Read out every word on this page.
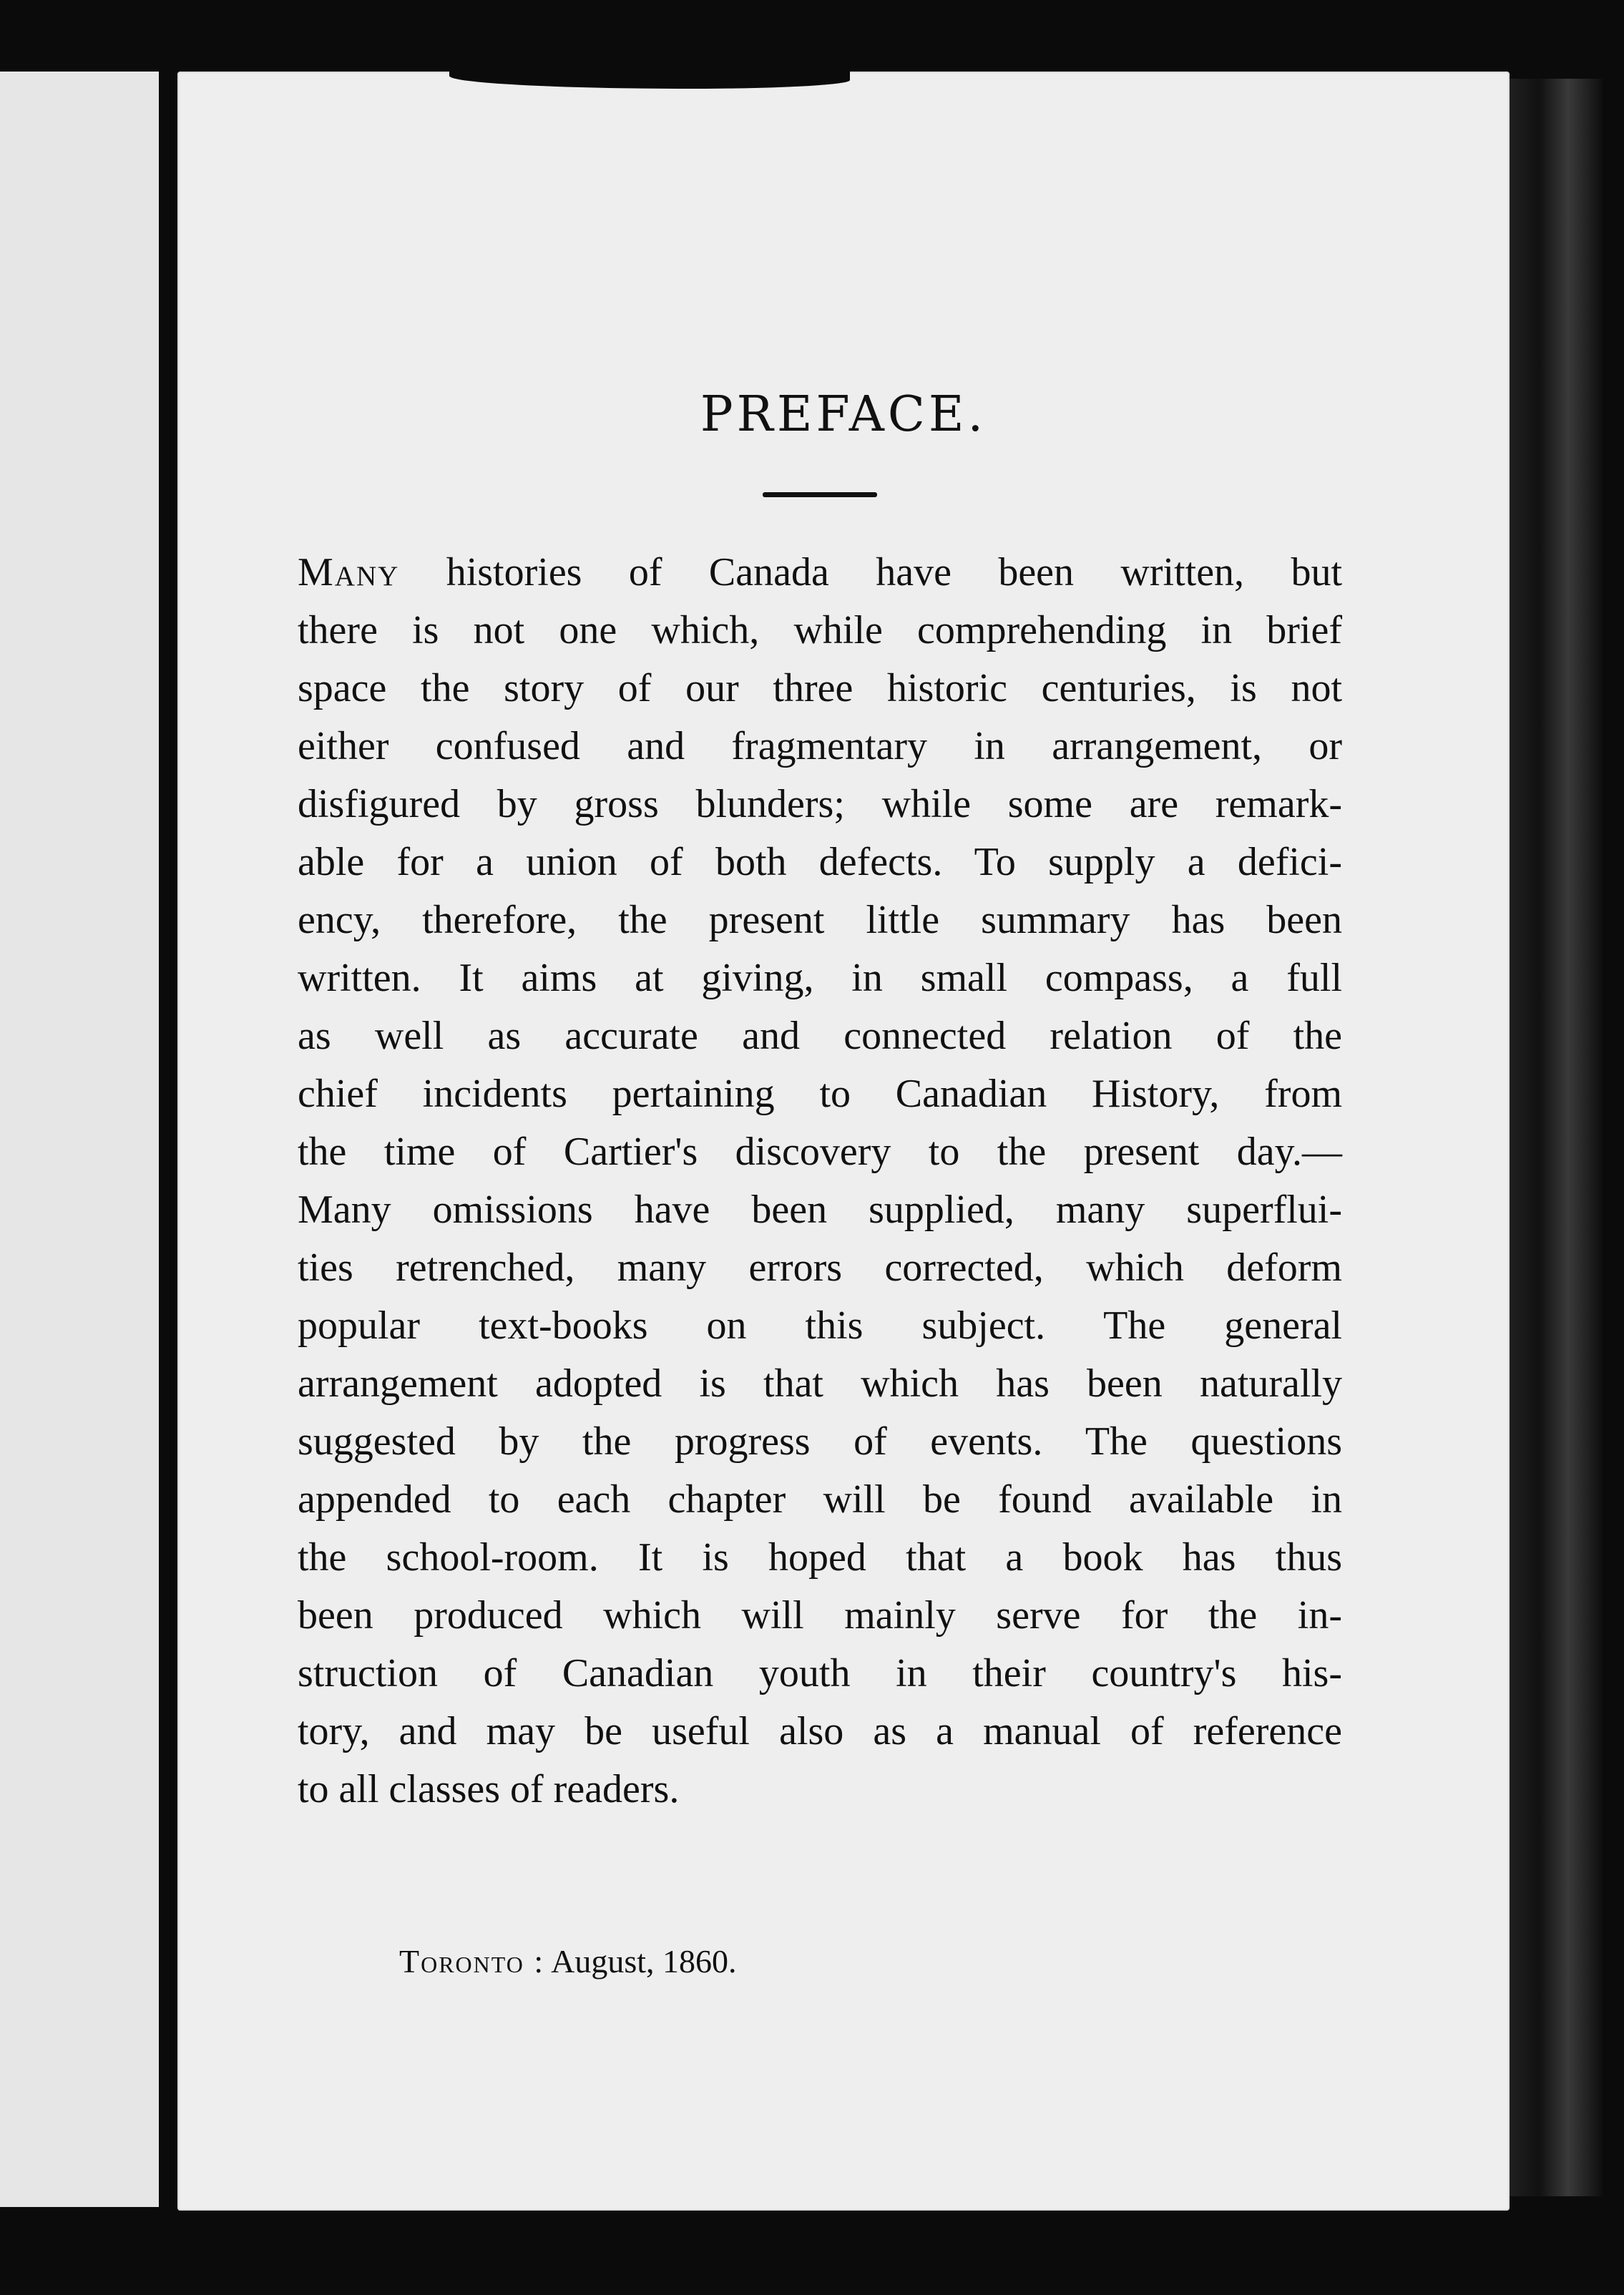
PREFACE.
Many histories of Canada have been written, but
there is not one which, while comprehending in brief
space the story of our three historic centuries, is not
either confused and fragmentary in arrangement, or
disfigured by gross blunders; while some are remark-
able for a union of both defects. To supply a defici-
ency, therefore, the present little summary has been
written. It aims at giving, in small compass, a full
as well as accurate and connected relation of the
chief incidents pertaining to Canadian History, from
the time of Cartier's discovery to the present day.—
Many omissions have been supplied, many superflui-
ties retrenched, many errors corrected, which deform
popular text-books on this subject. The general
arrangement adopted is that which has been naturally
suggested by the progress of events. The questions
appended to each chapter will be found available in
the school-room. It is hoped that a book has thus
been produced which will mainly serve for the in-
struction of Canadian youth in their country's his-
tory, and may be useful also as a manual of reference
to all classes of readers.
Toronto : August, 1860.
